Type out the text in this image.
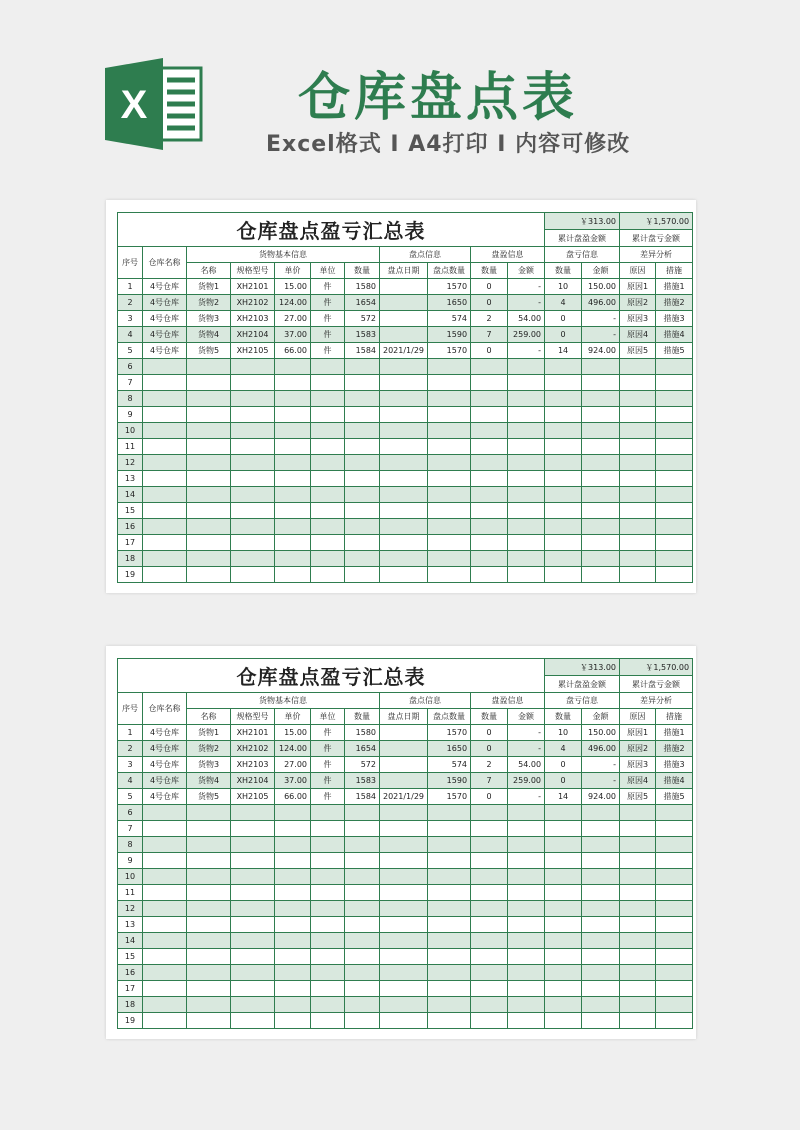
X	仓库盘点表
Excel格式 I A4打印 I 内容可修改
仓库盘点盈亏汇总表											￥313.00		￥1,570.00	
											累计盘盈金额		累计盘亏金额	
序号	仓库名称	货物基本信息					盘点信息		盘盈信息		盘亏信息		差异分析	
		名称	规格型号	单价	单位	数量	盘点日期	盘点数量	数量	金额	数量	金额	原因	措施
1	4号仓库	货物1	XH2101	15.00	件	1580		1570	0	-	10	150.00	原因1	措施1
2	4号仓库	货物2	XH2102	124.00	件	1654		1650	0	-	4	496.00	原因2	措施2
3	4号仓库	货物3	XH2103	27.00	件	572		574	2	54.00	0	-	原因3	措施3
4	4号仓库	货物4	XH2104	37.00	件	1583		1590	7	259.00	0	-	原因4	措施4
5	4号仓库	货物5	XH2105	66.00	件	1584	2021/1/29	1570	0	-	14	924.00	原因5	措施5
6														
7														
8														
9														
10														
11														
12														
13														
14														
15														
16														
17														
18														
19														
仓库盘点盈亏汇总表											￥313.00		￥1,570.00	
											累计盘盈金额		累计盘亏金额	
序号	仓库名称	货物基本信息					盘点信息		盘盈信息		盘亏信息		差异分析	
		名称	规格型号	单价	单位	数量	盘点日期	盘点数量	数量	金额	数量	金额	原因	措施
1	4号仓库	货物1	XH2101	15.00	件	1580		1570	0	-	10	150.00	原因1	措施1
2	4号仓库	货物2	XH2102	124.00	件	1654		1650	0	-	4	496.00	原因2	措施2
3	4号仓库	货物3	XH2103	27.00	件	572		574	2	54.00	0	-	原因3	措施3
4	4号仓库	货物4	XH2104	37.00	件	1583		1590	7	259.00	0	-	原因4	措施4
5	4号仓库	货物5	XH2105	66.00	件	1584	2021/1/29	1570	0	-	14	924.00	原因5	措施5
6														
7														
8														
9														
10														
11														
12														
13														
14														
15														
16														
17														
18														
19														
